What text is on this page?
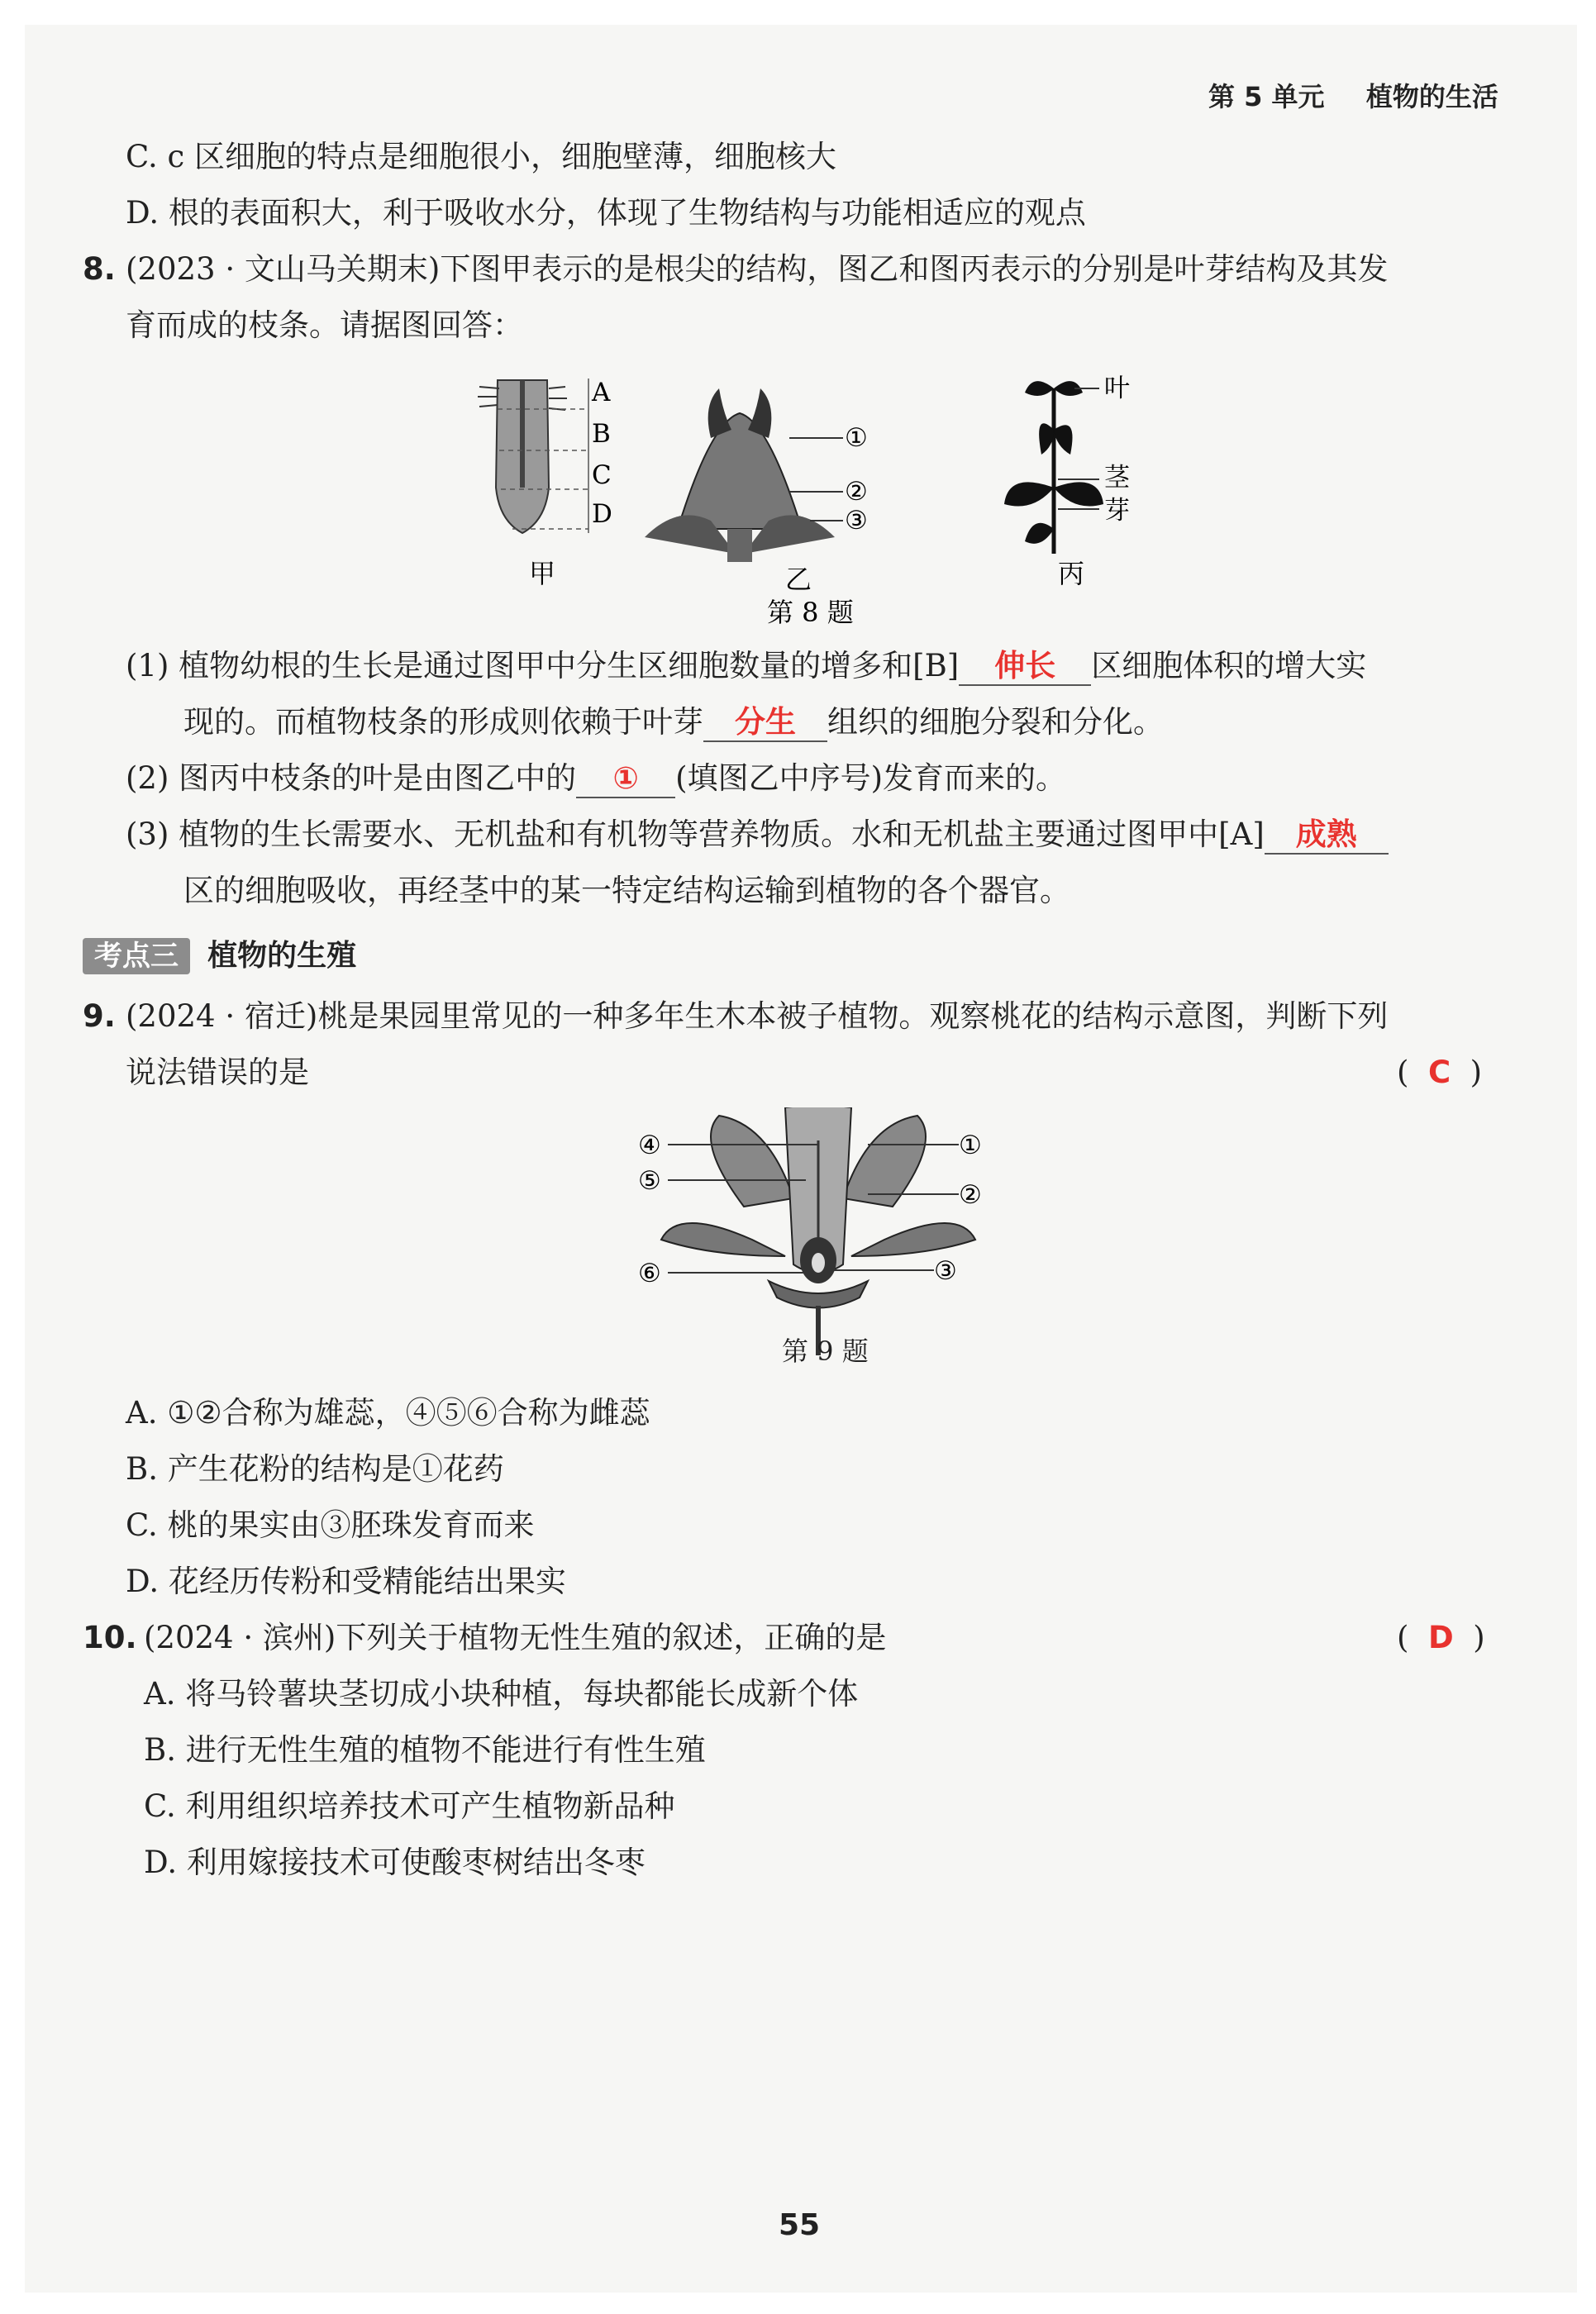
第 5 单元 植物的生活
C. c 区细胞的特点是细胞很小，细胞壁薄，细胞核大
D. 根的表面积大，利于吸收水分，体现了生物结构与功能相适应的观点
8. (2023 · 文山马关期末)下图甲表示的是根尖的结构，图乙和图丙表示的分别是叶芽结构及其发
育而成的枝条。请据图回答：
A
B
C
D
①
②
③
叶
茎
芽
甲	乙	丙
第 8 题
(1) 植物幼根的生长是通过图甲中分生区细胞数量的增多和[B] 伸长 区细胞体积的增大实
现的。而植物枝条的形成则依赖于叶芽 分生 组织的细胞分裂和分化。
(2) 图丙中枝条的叶是由图乙中的 ① (填图乙中序号)发育而来的。
(3) 植物的生长需要水、无机盐和有机物等营养物质。水和无机盐主要通过图甲中[A] 成熟
区的细胞吸收，再经茎中的某一特定结构运输到植物的各个器官。
考点三 植物的生殖
9. (2024 · 宿迁)桃是果园里常见的一种多年生木本被子植物。观察桃花的结构示意图，判断下列
说法错误的是	(  C  )
①
②
③
④
⑤
⑥
第 9 题
A. ①②合称为雄蕊，④⑤⑥合称为雌蕊
B. 产生花粉的结构是①花药
C. 桃的果实由③胚珠发育而来
D. 花经历传粉和受精能结出果实
10. (2024 · 滨州)下列关于植物无性生殖的叙述，正确的是	(  D  )
A. 将马铃薯块茎切成小块种植，每块都能长成新个体
B. 进行无性生殖的植物不能进行有性生殖
C. 利用组织培养技术可产生植物新品种
D. 利用嫁接技术可使酸枣树结出冬枣
55
